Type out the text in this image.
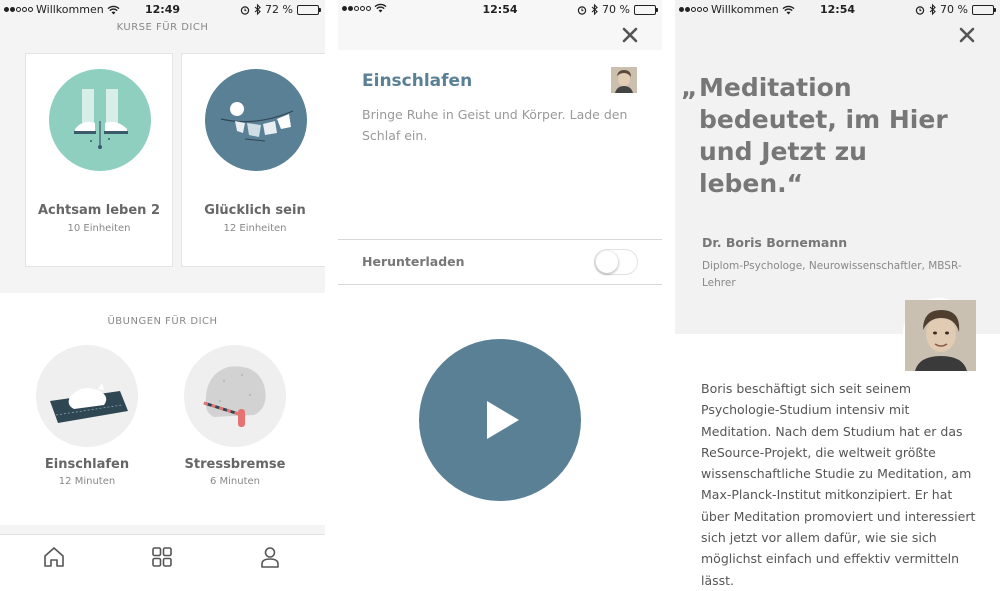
Willkommen	12:49	72 %
KURSE FÜR DICH
Achtsam leben 2
10 Einheiten
Glücklich sein
12 Einheiten
ÜBUNGEN FÜR DICH
Einschlafen
12 Minuten
Stressbremse
6 Minuten
12:54	70 %
Einschlafen
Bringe Ruhe in Geist und Körper. Lade den Schlaf ein.
Herunterladen
Willkommen	12:54	70 %
„ Meditation bedeutet, im Hier und Jetzt zu leben.“
Dr. Boris Bornemann
Diplom-Psychologe, Neurowissenschaftler, MBSR-Lehrer
Boris beschäftigt sich seit seinem Psychologie-Studium intensiv mit Meditation. Nach dem Studium hat er das ReSource-Projekt, die weltweit größte wissenschaftliche Studie zu Meditation, am Max-Planck-Institut mitkonzipiert. Er hat über Meditation promoviert und interessiert sich jetzt vor allem dafür, wie sie sich möglichst einfach und effektiv vermitteln lässt.
